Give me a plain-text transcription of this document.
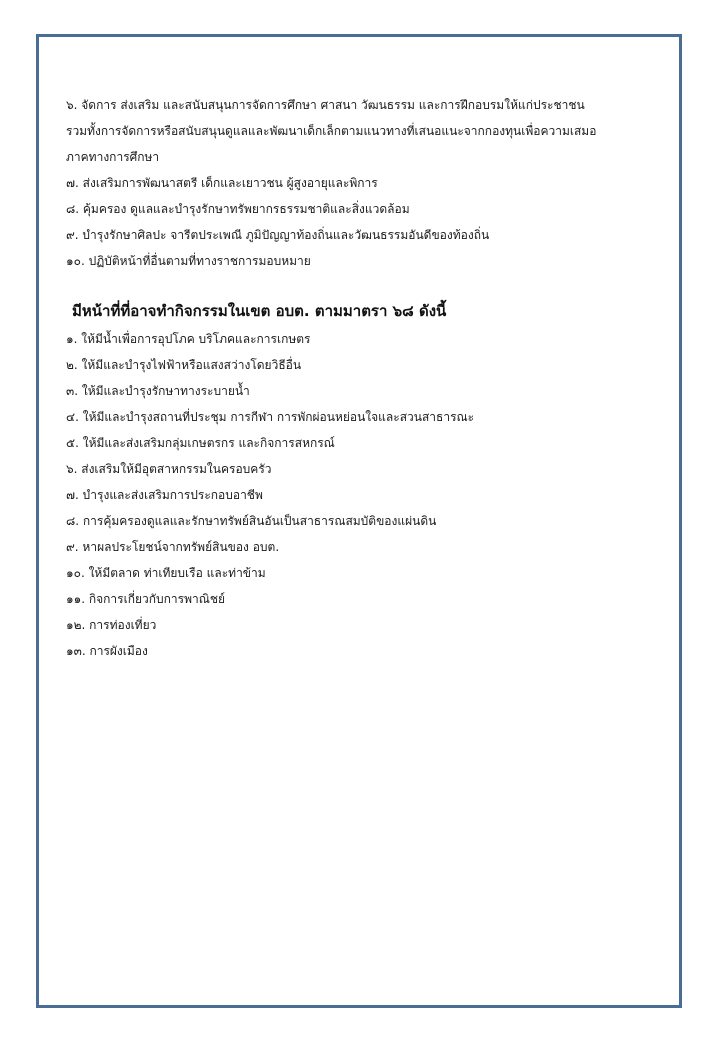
๖. จัดการ ส่งเสริม และสนับสนุนการจัดการศึกษา ศาสนา วัฒนธรรม และการฝึกอบรมให้แก่ประชาชน
รวมทั้งการจัดการหรือสนับสนุนดูแลและพัฒนาเด็กเล็กตามแนวทางที่เสนอแนะจากกองทุนเพื่อความเสมอ
ภาคทางการศึกษา
๗. ส่งเสริมการพัฒนาสตรี เด็กและเยาวชน ผู้สูงอายุและพิการ
๘. คุ้มครอง ดูแลและบำรุงรักษาทรัพยากรธรรมชาติและสิ่งแวดล้อม
๙. บำรุงรักษาศิลปะ จารีตประเพณี ภูมิปัญญาท้องถิ่นและวัฒนธรรมอันดีของท้องถิ่น
๑๐. ปฏิบัติหน้าที่อื่นตามที่ทางราชการมอบหมาย
มีหน้าที่ที่อาจทำกิจกรรมในเขต อบต. ตามมาตรา ๖๘ ดังนี้
๑. ให้มีน้ำเพื่อการอุปโภค บริโภคและการเกษตร
๒. ให้มีและบำรุงไฟฟ้าหรือแสงสว่างโดยวิธีอื่น
๓. ให้มีและบำรุงรักษาทางระบายน้ำ
๔. ให้มีและบำรุงสถานที่ประชุม การกีฬา การพักผ่อนหย่อนใจและสวนสาธารณะ
๕. ให้มีและส่งเสริมกลุ่มเกษตรกร และกิจการสหกรณ์
๖. ส่งเสริมให้มีอุตสาหกรรมในครอบครัว
๗. บำรุงและส่งเสริมการประกอบอาชีพ
๘. การคุ้มครองดูแลและรักษาทรัพย์สินอันเป็นสาธารณสมบัติของแผ่นดิน
๙. หาผลประโยชน์จากทรัพย์สินของ อบต.
๑๐. ให้มีตลาด ท่าเทียบเรือ และท่าข้าม
๑๑. กิจการเกี่ยวกับการพาณิชย์
๑๒. การท่องเที่ยว
๑๓. การผังเมือง
